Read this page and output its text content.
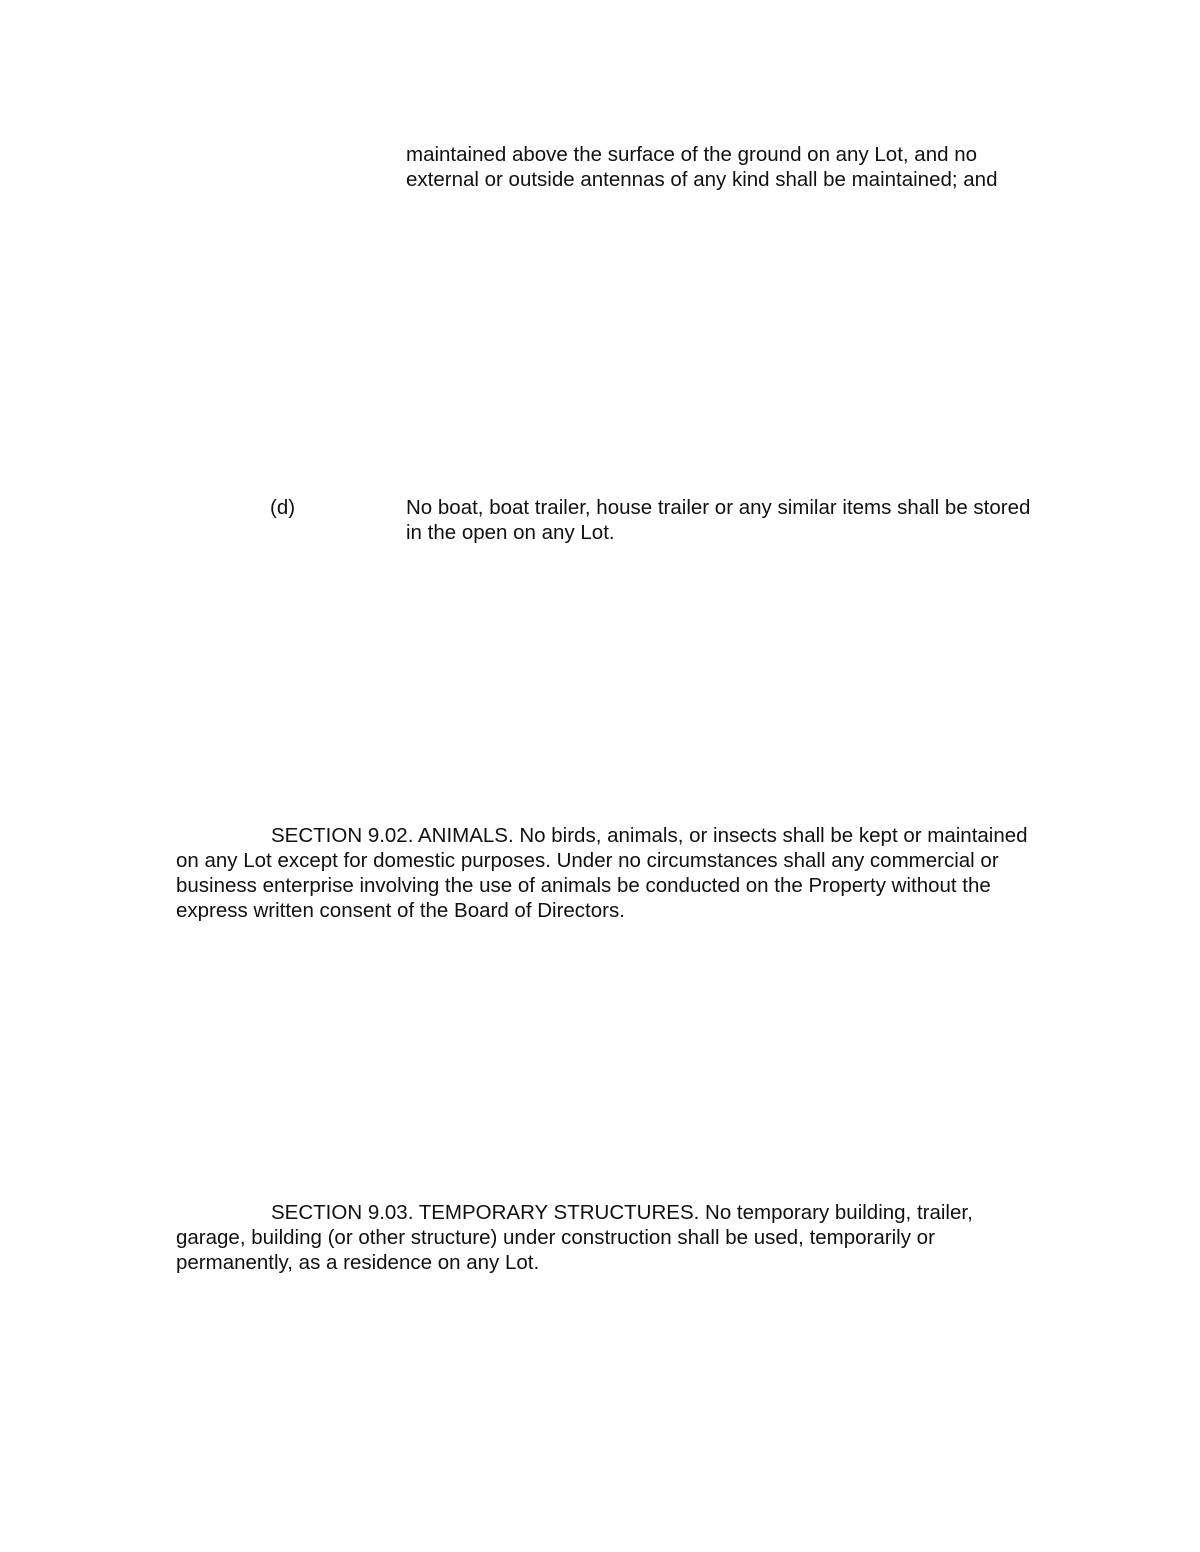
maintained above the surface of the ground on any Lot, and no external or outside antennas of any kind shall be maintained; and

(d)	No boat, boat trailer, house trailer or any similar items shall be stored in the open on any Lot.

SECTION 9.02. ANIMALS. No birds, animals, or insects shall be kept or maintained on any Lot except for domestic purposes. Under no circumstances shall any commercial or business enterprise involving the use of animals be conducted on the Property without the express written consent of the Board of Directors.

SECTION 9.03. TEMPORARY STRUCTURES. No temporary building, trailer, garage, building (or other structure) under construction shall be used, temporarily or permanently, as a residence on any Lot.
